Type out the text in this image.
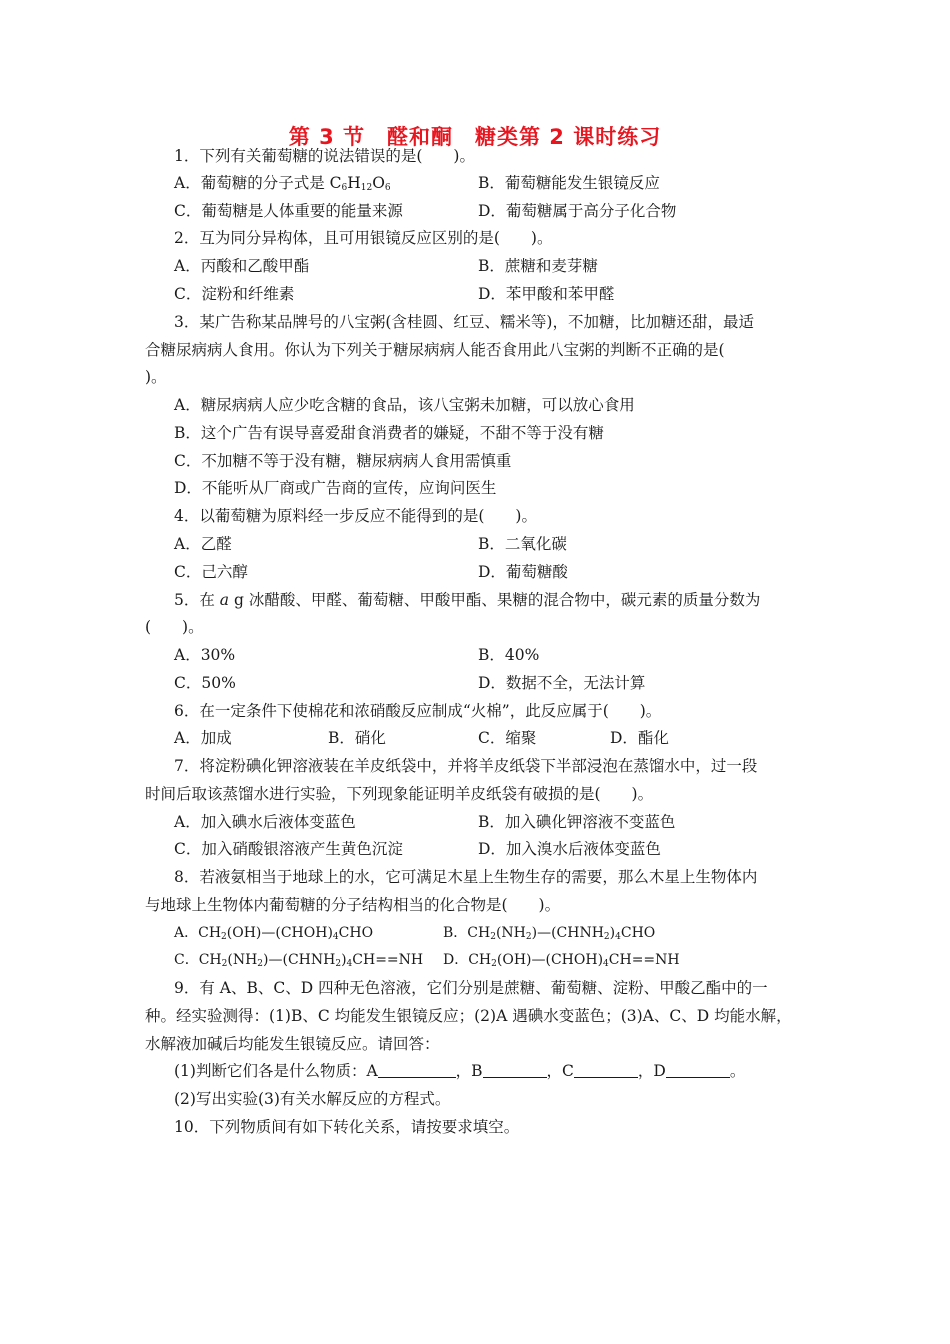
第 3 节　醛和酮　糖类第 2 课时练习
1．下列有关葡萄糖的说法错误的是(　　)。
A．葡萄糖的分子式是 $C_6H_{12}O_6$	B．葡萄糖能发生银镜反应
C．葡萄糖是人体重要的能量来源	D．葡萄糖属于高分子化合物
2．互为同分异构体，且可用银镜反应区别的是(　　)。
A．丙酸和乙酸甲酯	B．蔗糖和麦芽糖
C．淀粉和纤维素	D．苯甲酸和苯甲醛
3．某广告称某品牌号的八宝粥(含桂圆、红豆、糯米等)，不加糖，比加糖还甜，最适
合糖尿病病人食用。你认为下列关于糖尿病病人能否食用此八宝粥的判断不正确的是(
)。
A．糖尿病病人应少吃含糖的食品，该八宝粥未加糖，可以放心食用
B．这个广告有误导喜爱甜食消费者的嫌疑，不甜不等于没有糖
C．不加糖不等于没有糖，糖尿病病人食用需慎重
D．不能听从厂商或广告商的宣传，应询问医生
4．以葡萄糖为原料经一步反应不能得到的是(　　)。
A．乙醛	B．二氧化碳
C．己六醇	D．葡萄糖酸
5．在 a g 冰醋酸、甲醛、葡萄糖、甲酸甲酯、果糖的混合物中，碳元素的质量分数为
(　　)。
A．30%	B．40%
C．50%	D．数据不全，无法计算
6．在一定条件下使棉花和浓硝酸反应制成“火棉”，此反应属于(　　)。
A．加成	B．硝化	C．缩聚	D．酯化
7．将淀粉碘化钾溶液装在羊皮纸袋中，并将羊皮纸袋下半部浸泡在蒸馏水中，过一段
时间后取该蒸馏水进行实验，下列现象能证明羊皮纸袋有破损的是(　　)。
A．加入碘水后液体变蓝色	B．加入碘化钾溶液不变蓝色
C．加入硝酸银溶液产生黄色沉淀	D．加入溴水后液体变蓝色
8．若液氨相当于地球上的水，它可满足木星上生物生存的需要，那么木星上生物体内
与地球上生物体内葡萄糖的分子结构相当的化合物是(　　)。
A．$CH_2(OH)—(CHOH)_4CHO$	B．$CH_2(NH_2)—(CHNH_2)_4CHO$
C．$CH_2(NH_2)—(CHNH_2)_4CH==NH$ D．$CH_2(OH)—(CHOH)_4CH==NH$
9．有 A、B、C、D 四种无色溶液，它们分别是蔗糖、葡萄糖、淀粉、甲酸乙酯中的一
种。经实验测得：(1)B、C 均能发生银镜反应；(2)A 遇碘水变蓝色；(3)A、C、D 均能水解，
水解液加碱后均能发生银镜反应。请回答：
(1)判断它们各是什么物质：A	，B	，C	，D	。
(2)写出实验(3)有关水解反应的方程式。
10．下列物质间有如下转化关系，请按要求填空。
